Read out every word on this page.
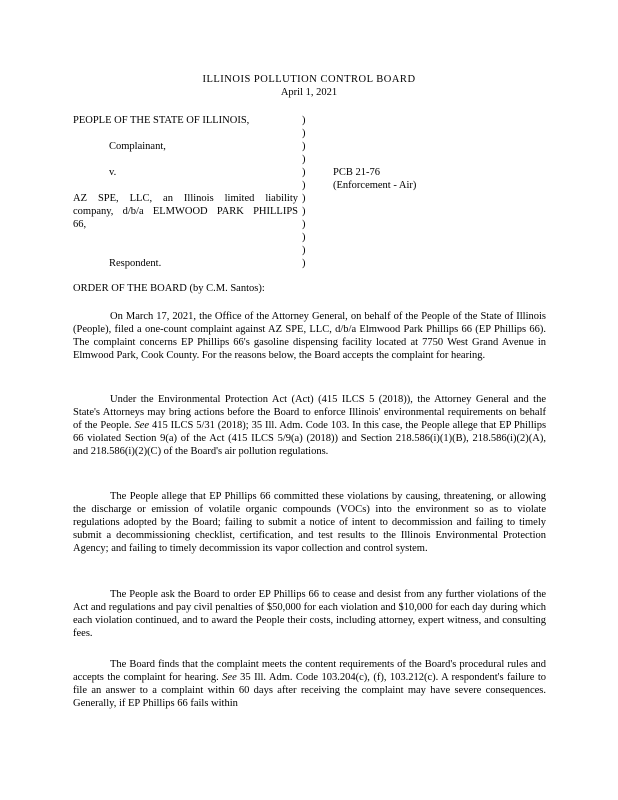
ILLINOIS POLLUTION CONTROL BOARD
April 1, 2021
PEOPLE OF THE STATE OF ILLINOIS,
Complainant,
v.
AZ SPE, LLC, an Illinois limited liability
company, d/b/a ELMWOOD PARK PHILLIPS
66,
Respondent.
)
)
)
)
)
)
)
)
)
)
)
)
PCB 21-76
(Enforcement - Air)
ORDER OF THE BOARD (by C.M. Santos):

On March 17, 2021, the Office of the Attorney General, on behalf of the People of the State of Illinois (People), filed a one-count complaint against AZ SPE, LLC, d/b/a Elmwood Park Phillips 66 (EP Phillips 66). The complaint concerns EP Phillips 66's gasoline dispensing facility located at 7750 West Grand Avenue in Elmwood Park, Cook County. For the reasons below, the Board accepts the complaint for hearing.

Under the Environmental Protection Act (Act) (415 ILCS 5 (2018)), the Attorney General and the State's Attorneys may bring actions before the Board to enforce Illinois' environmental requirements on behalf of the People. See 415 ILCS 5/31 (2018); 35 Ill. Adm. Code 103. In this case, the People allege that EP Phillips 66 violated Section 9(a) of the Act (415 ILCS 5/9(a) (2018)) and Section 218.586(i)(1)(B), 218.586(i)(2)(A), and 218.586(i)(2)(C) of the Board's air pollution regulations.

The People allege that EP Phillips 66 committed these violations by causing, threatening, or allowing the discharge or emission of volatile organic compounds (VOCs) into the environment so as to violate regulations adopted by the Board; failing to submit a notice of intent to decommission and failing to timely submit a decommissioning checklist, certification, and test results to the Illinois Environmental Protection Agency; and failing to timely decommission its vapor collection and control system.

The People ask the Board to order EP Phillips 66 to cease and desist from any further violations of the Act and regulations and pay civil penalties of $50,000 for each violation and $10,000 for each day during which each violation continued, and to award the People their costs, including attorney, expert witness, and consulting fees.

The Board finds that the complaint meets the content requirements of the Board's procedural rules and accepts the complaint for hearing. See 35 Ill. Adm. Code 103.204(c), (f), 103.212(c). A respondent's failure to file an answer to a complaint within 60 days after receiving the complaint may have severe consequences. Generally, if EP Phillips 66 fails within
